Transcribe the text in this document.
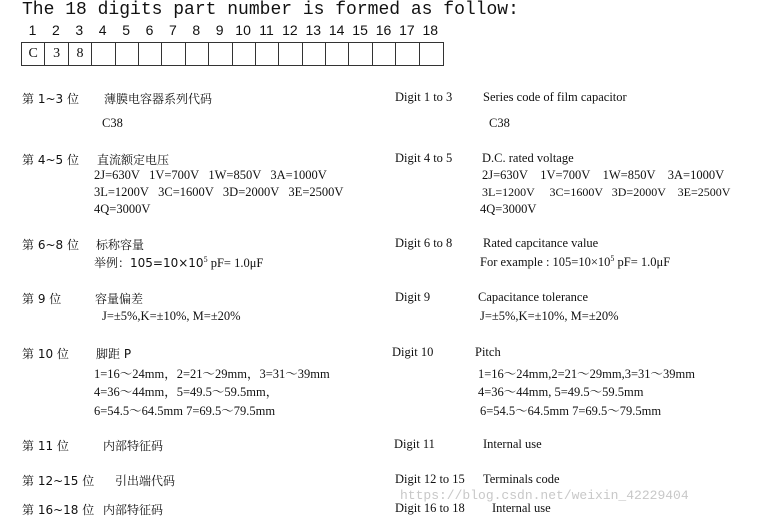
The 18 digits part number is formed as follow:
1	2	3	4	5	6	7	8	9 10 11 12 13 14 15 16 17 18
C	3	8
第 1~3 位 薄膜电容器系列代码
C38
Digit 1 to 3 Series code of film capacitor
C38
第 4~5 位 直流额定电压
2J=630V   1V=700V   1W=850V   3A=1000V
3L=1200V   3C=1600V   3D=2000V   3E=2500V
4Q=3000V
Digit 4 to 5 D.C. rated voltage
2J=630V    1V=700V    1W=850V    3A=1000V
3L=1200V     3C=1600V   3D=2000V    3E=2500V
4Q=3000V
第 6~8 位 标称容量
举例：$105=10\times 10^5$ pF= 1.0μF
Digit 6 to 8 Rated capcitance value
For example : $105=10\times 10^5$ pF= 1.0μF
第 9 位	容量偏差
J=±5%,K=±10%, M=±20%
Digit 9	Capacitance tolerance
J=±5%,K=±10%, M=±20%
第 10 位 脚距 P
1=16～24mm，2=21～29mm，3=31～39mm
4=36～44mm，5=49.5～59.5mm，
6=54.5～64.5mm 7=69.5～79.5mm
Digit 10	Pitch
1=16～24mm,2=21～29mm,3=31～39mm
4=36～44mm, 5=49.5～59.5mm
6=54.5～64.5mm 7=69.5～79.5mm
第 11 位	内部特征码	Digit 11	Internal use
第 12~15 位 引出端代码	Digit 12 to 15 Terminals code
第 16~18 位 内部特征码	Digit 16 to 18 Internal use
https://blog.csdn.net/weixin_42229404
